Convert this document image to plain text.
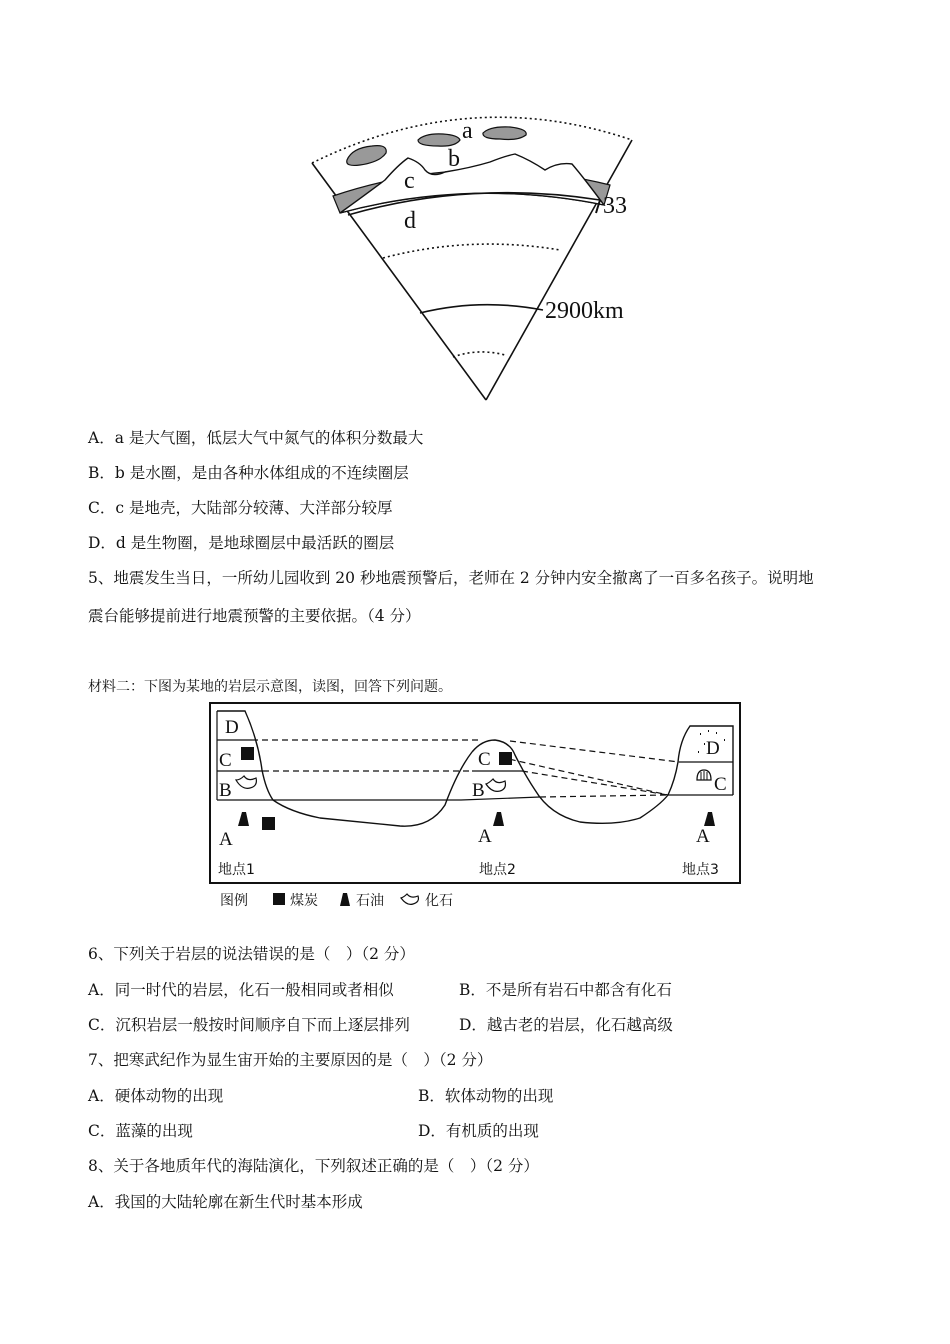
a
b
c
d
33
2900km
A．a 是大气圈，低层大气中氮气的体积分数最大
B．b 是水圈，是由各种水体组成的不连续圈层
C．c 是地壳，大陆部分较薄、大洋部分较厚
D．d 是生物圈，是地球圈层中最活跃的圈层
5、地震发生当日，一所幼儿园收到 20 秒地震预警后，老师在 2 分钟内安全撤离了一百多名孩子。说明地
震台能够提前进行地震预警的主要依据。（4 分）
材料二：下图为某地的岩层示意图，读图，回答下列问题。
D
C
B
A
C
B
A
D
C
A
地点1	地点2	地点3
图例	煤炭	石油	化石
6、下列关于岩层的说法错误的是（　）（2 分）
A．同一时代的岩层，化石一般相同或者相似	B．不是所有岩石中都含有化石
C．沉积岩层一般按时间顺序自下而上逐层排列	D．越古老的岩层，化石越高级
7、把寒武纪作为显生宙开始的主要原因的是（　）（2 分）
A．硬体动物的出现	B．软体动物的出现
C．蓝藻的出现	D．有机质的出现
8、关于各地质年代的海陆演化，下列叙述正确的是（　）（2 分）
A．我国的大陆轮廓在新生代时基本形成
